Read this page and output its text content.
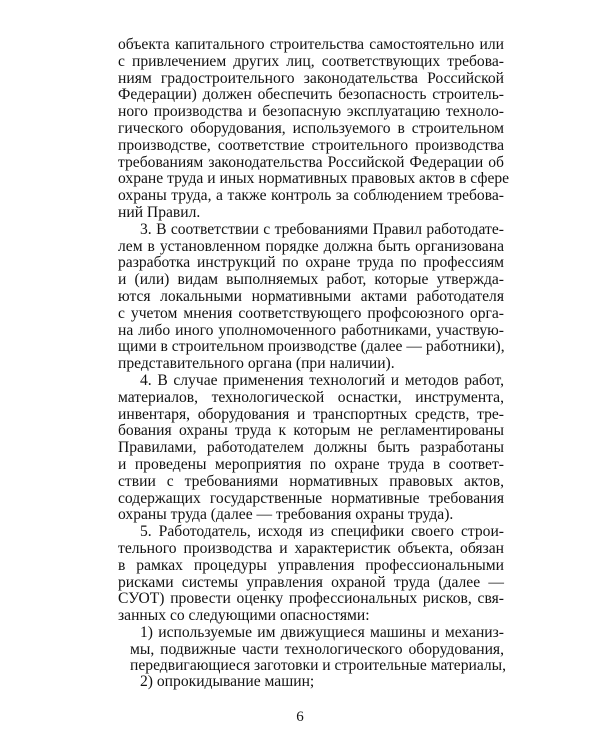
объекта капитального строительства самостоятельно или
с привлечением других лиц, соответствующих требова-
ниям градостроительного законодательства Российской
Федерации) должен обеспечить безопасность строитель-
ного производства и безопасную эксплуатацию техноло-
гического оборудования, используемого в строительном
производстве, соответствие строительного производства
требованиям законодательства Российской Федерации об
охране труда и иных нормативных правовых актов в сфере
охраны труда, а также контроль за соблюдением требова-
ний Правил.
3. В соответствии с требованиями Правил работодате-
лем в установленном порядке должна быть организована
разработка инструкций по охране труда по профессиям
и (или) видам выполняемых работ, которые утвержда-
ются локальными нормативными актами работодателя
с учетом мнения соответствующего профсоюзного орга-
на либо иного уполномоченного работниками, участвую-
щими в строительном производстве (далее — работники),
представительного органа (при наличии).
4. В случае применения технологий и методов работ,
материалов, технологической оснастки, инструмента,
инвентаря, оборудования и транспортных средств, тре-
бования охраны труда к которым не регламентированы
Правилами, работодателем должны быть разработаны
и проведены мероприятия по охране труда в соответ-
ствии с требованиями нормативных правовых актов,
содержащих государственные нормативные требования
охраны труда (далее — требования охраны труда).
5. Работодатель, исходя из специфики своего строи-
тельного производства и характеристик объекта, обязан
в рамках процедуры управления профессиональными
рисками системы управления охраной труда (далее —
СУОТ) провести оценку профессиональных рисков, свя-
занных со следующими опасностями:
1) используемые им движущиеся машины и механиз-
мы, подвижные части технологического оборудования,
передвигающиеся заготовки и строительные материалы,
2) опрокидывание машин;
6
